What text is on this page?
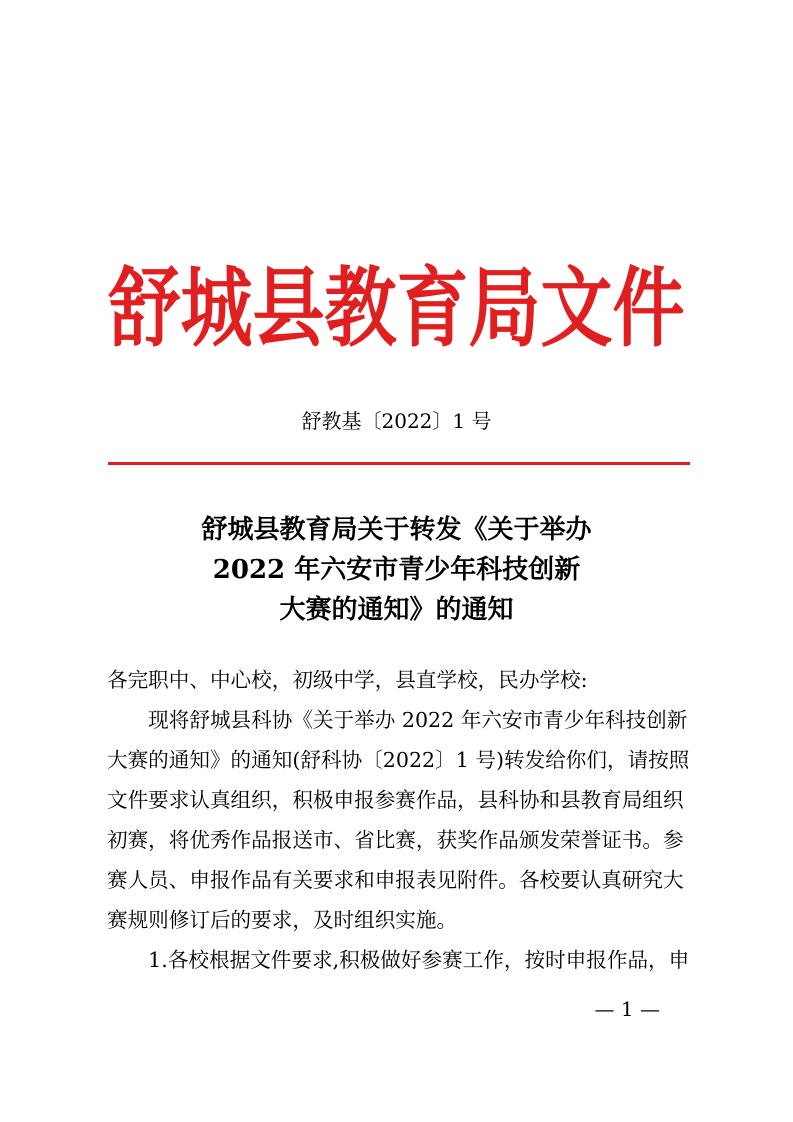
舒城县教育局文件
舒教基〔2022〕1 号
舒城县教育局关于转发《关于举办
2022 年六安市青少年科技创新
大赛的通知》的通知

各完职中、中心校，初级中学，县直学校，民办学校:

　　现将舒城县科协《关于举办 2022 年六安市青少年科技创新

大赛的通知》的通知(舒科协〔2022〕1 号)转发给你们，请按照

文件要求认真组织，积极申报参赛作品，县科协和县教育局组织

初赛，将优秀作品报送市、省比赛，获奖作品颁发荣誉证书。参

赛人员、申报作品有关要求和申报表见附件。各校要认真研究大

赛规则修订后的要求，及时组织实施。

　　1.各校根据文件要求,积极做好参赛工作，按时申报作品，申

— 1 —
